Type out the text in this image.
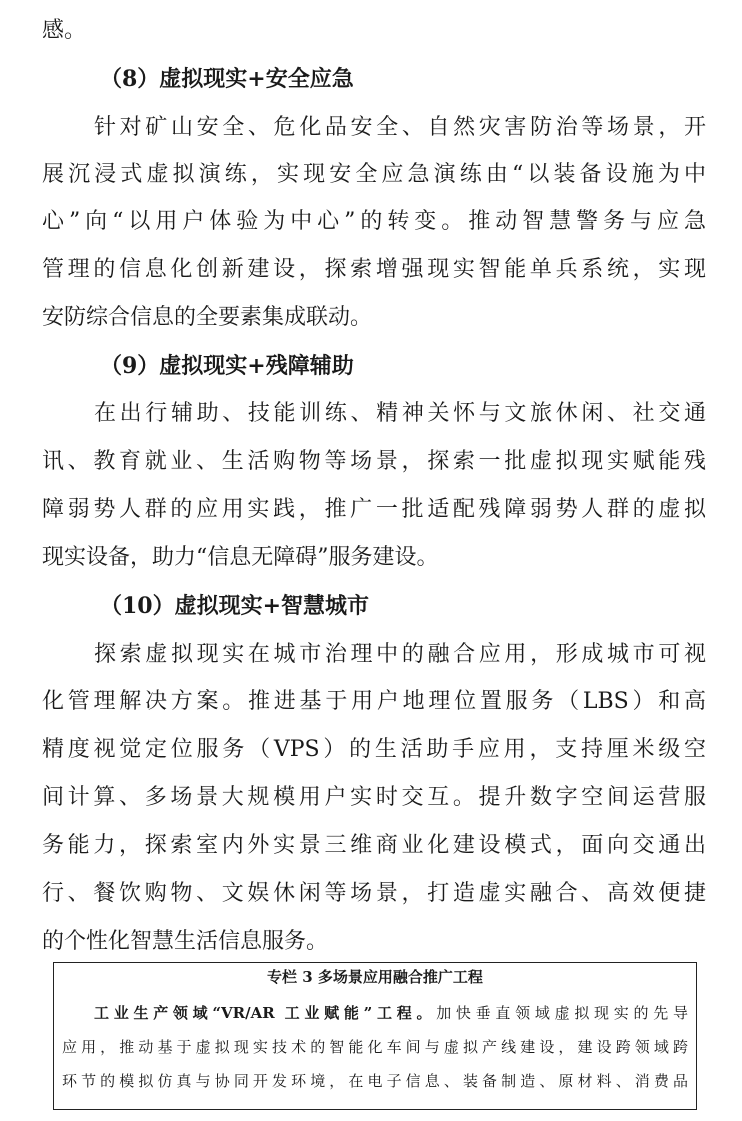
感。
（8）虚拟现实+安全应急
针对矿山安全、危化品安全、自然灾害防治等场景，开
展沉浸式虚拟演练，实现安全应急演练由“以装备设施为中
心”向“以用户体验为中心”的转变。推动智慧警务与应急
管理的信息化创新建设，探索增强现实智能单兵系统，实现
安防综合信息的全要素集成联动。
（9）虚拟现实+残障辅助
在出行辅助、技能训练、精神关怀与文旅休闲、社交通
讯、教育就业、生活购物等场景，探索一批虚拟现实赋能残
障弱势人群的应用实践，推广一批适配残障弱势人群的虚拟
现实设备，助力“信息无障碍”服务建设。
（10）虚拟现实+智慧城市
探索虚拟现实在城市治理中的融合应用，形成城市可视
化管理解决方案。推进基于用户地理位置服务（LBS）和高
精度视觉定位服务（VPS）的生活助手应用，支持厘米级空
间计算、多场景大规模用户实时交互。提升数字空间运营服
务能力，探索室内外实景三维商业化建设模式，面向交通出
行、餐饮购物、文娱休闲等场景，打造虚实融合、高效便捷
的个性化智慧生活信息服务。
专栏 3 多场景应用融合推广工程
工业生产领域“VR/AR 工业赋能”工程。加快垂直领域虚拟现实的先导
应用，推动基于虚拟现实技术的智能化车间与虚拟产线建设，建设跨领域跨
环节的模拟仿真与协同开发环境，在电子信息、装备制造、原材料、消费品
